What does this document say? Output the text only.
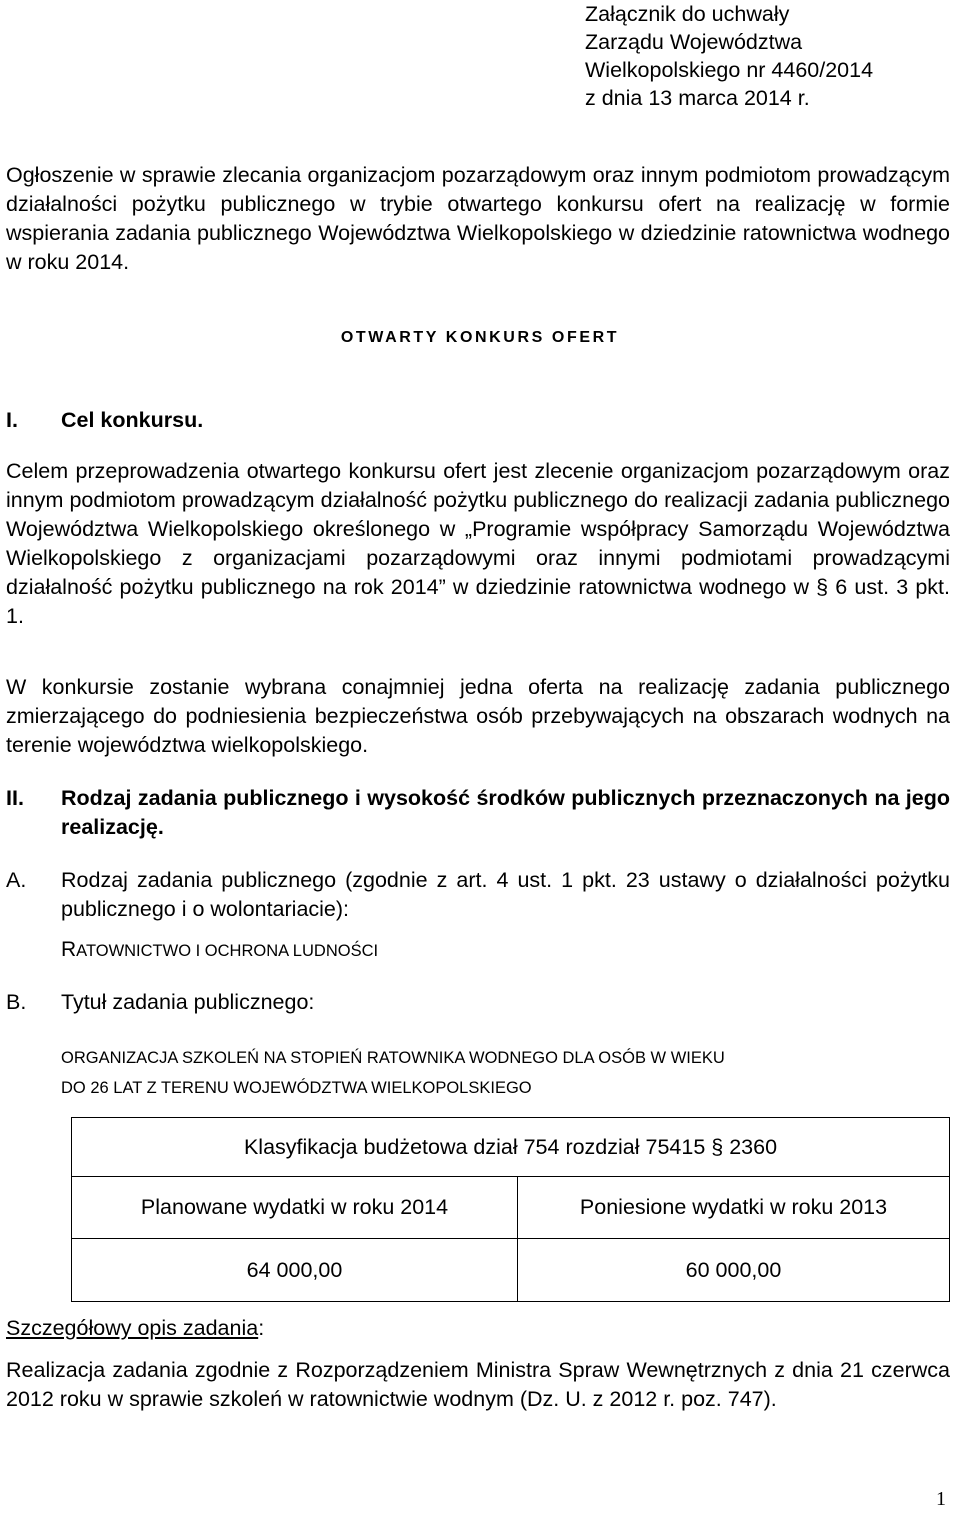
Załącznik do uchwały
Zarządu Województwa
Wielkopolskiego nr 4460/2014
z dnia 13 marca 2014 r.
Ogłoszenie w sprawie zlecania organizacjom pozarządowym oraz innym podmiotom prowadzącym działalności pożytku publicznego w trybie otwartego konkursu ofert na realizację w formie wspierania zadania publicznego Województwa Wielkopolskiego w dziedzinie ratownictwa wodnego w roku 2014.
OTWARTY KONKURS OFERT
I. Cel konkursu.
Celem przeprowadzenia otwartego konkursu ofert jest zlecenie organizacjom pozarządowym oraz innym podmiotom prowadzącym działalność pożytku publicznego do realizacji zadania publicznego Województwa Wielkopolskiego określonego w „Programie współpracy Samorządu Województwa Wielkopolskiego z organizacjami pozarządowymi oraz innymi podmiotami prowadzącymi działalność pożytku publicznego na rok 2014” w dziedzinie ratownictwa wodnego w § 6 ust. 3 pkt. 1.
W konkursie zostanie wybrana conajmniej jedna oferta na realizację zadania publicznego zmierzającego do podniesienia bezpieczeństwa osób przebywających na obszarach wodnych na terenie województwa wielkopolskiego.
II. Rodzaj zadania publicznego i wysokość środków publicznych przeznaczonych na jego realizację.
A. Rodzaj zadania publicznego (zgodnie z art. 4 ust. 1 pkt. 23 ustawy o działalności pożytku publicznego i o wolontariacie):
RATOWNICTWO I OCHRONA LUDNOŚCI
B. Tytuł zadania publicznego:
ORGANIZACJA SZKOLEŃ NA STOPIEŃ RATOWNIKA WODNEGO DLA OSÓB W WIEKU
DO 26 LAT Z TERENU WOJEWÓDZTWA WIELKOPOLSKIEGO
Klasyfikacja budżetowa dział 754 rozdział 75415 § 2360	
Planowane wydatki w roku 2014	Poniesione wydatki w roku 2013
64 000,00	60 000,00
Szczegółowy opis zadania:
Realizacja zadania zgodnie z Rozporządzeniem Ministra Spraw Wewnętrznych z dnia 21 czerwca 2012 roku w sprawie szkoleń w ratownictwie wodnym (Dz. U. z 2012 r. poz. 747).
1
